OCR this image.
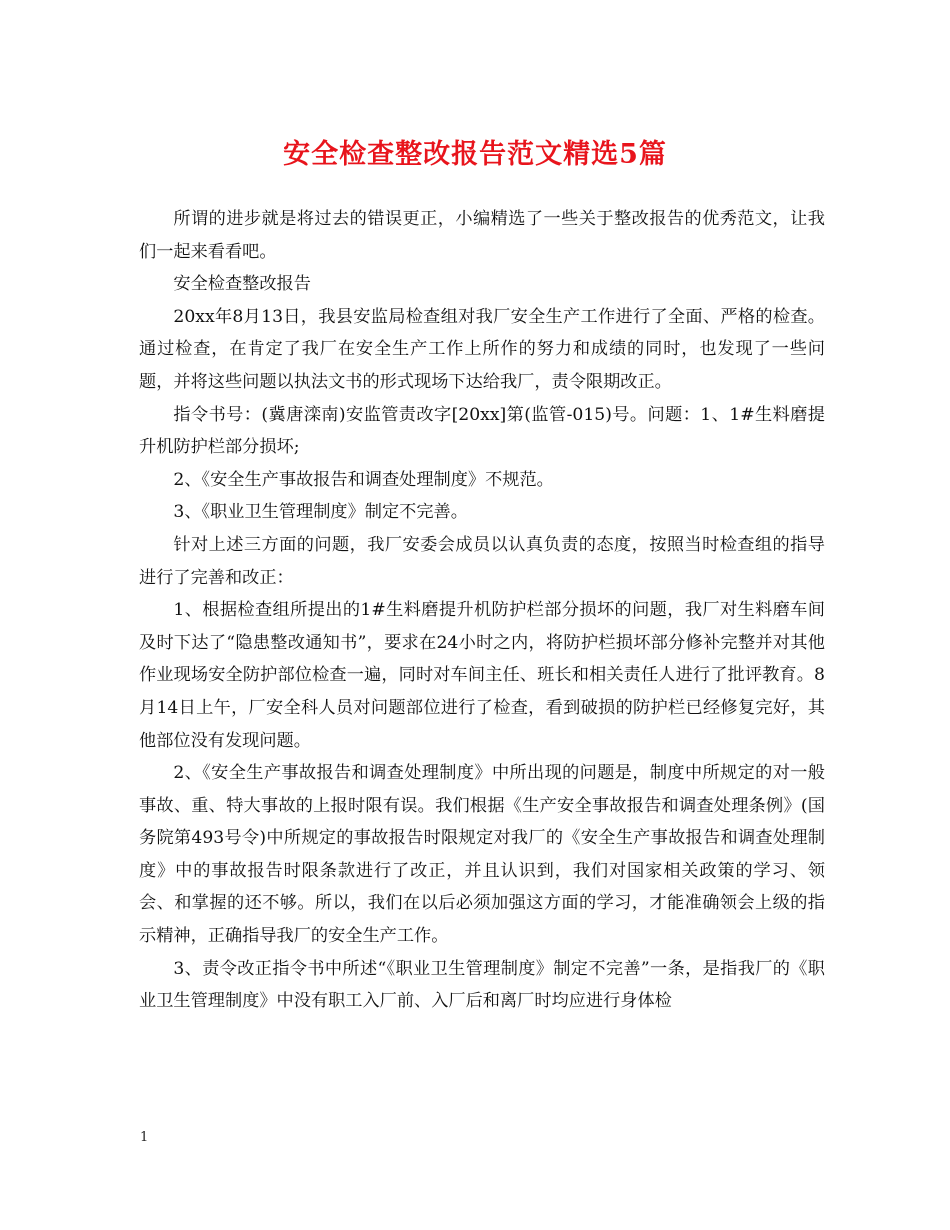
安全检查整改报告范文精选5篇

所谓的进步就是将过去的错误更正，小编精选了一些关于整改报告的优秀范文，让我们一起来看看吧。

安全检查整改报告

20xx年8月13日，我县安监局检查组对我厂安全生产工作进行了全面、严格的检查。通过检查，在肯定了我厂在安全生产工作上所作的努力和成绩的同时，也发现了一些问题，并将这些问题以执法文书的形式现场下达给我厂，责令限期改正。

指令书号：(冀唐滦南)安监管责改字[20xx]第(监管-015)号。问题：1、1#生料磨提升机防护栏部分损坏;

2、《安全生产事故报告和调查处理制度》不规范。

3、《职业卫生管理制度》制定不完善。

针对上述三方面的问题，我厂安委会成员以认真负责的态度，按照当时检查组的指导进行了完善和改正：

1、根据检查组所提出的1#生料磨提升机防护栏部分损坏的问题，我厂对生料磨车间及时下达了“隐患整改通知书”，要求在24小时之内，将防护栏损坏部分修补完整并对其他作业现场安全防护部位检查一遍，同时对车间主任、班长和相关责任人进行了批评教育。8月14日上午，厂安全科人员对问题部位进行了检查，看到破损的防护栏已经修复完好，其他部位没有发现问题。

2、《安全生产事故报告和调查处理制度》中所出现的问题是，制度中所规定的对一般事故、重、特大事故的上报时限有误。我们根据《生产安全事故报告和调查处理条例》(国务院第493号令)中所规定的事故报告时限规定对我厂的《安全生产事故报告和调查处理制度》中的事故报告时限条款进行了改正，并且认识到，我们对国家相关政策的学习、领会、和掌握的还不够。所以，我们在以后必须加强这方面的学习，才能准确领会上级的指示精神，正确指导我厂的安全生产工作。

3、责令改正指令书中所述“《职业卫生管理制度》制定不完善”一条，是指我厂的《职业卫生管理制度》中没有职工入厂前、入厂后和离厂时均应进行身体检

1
